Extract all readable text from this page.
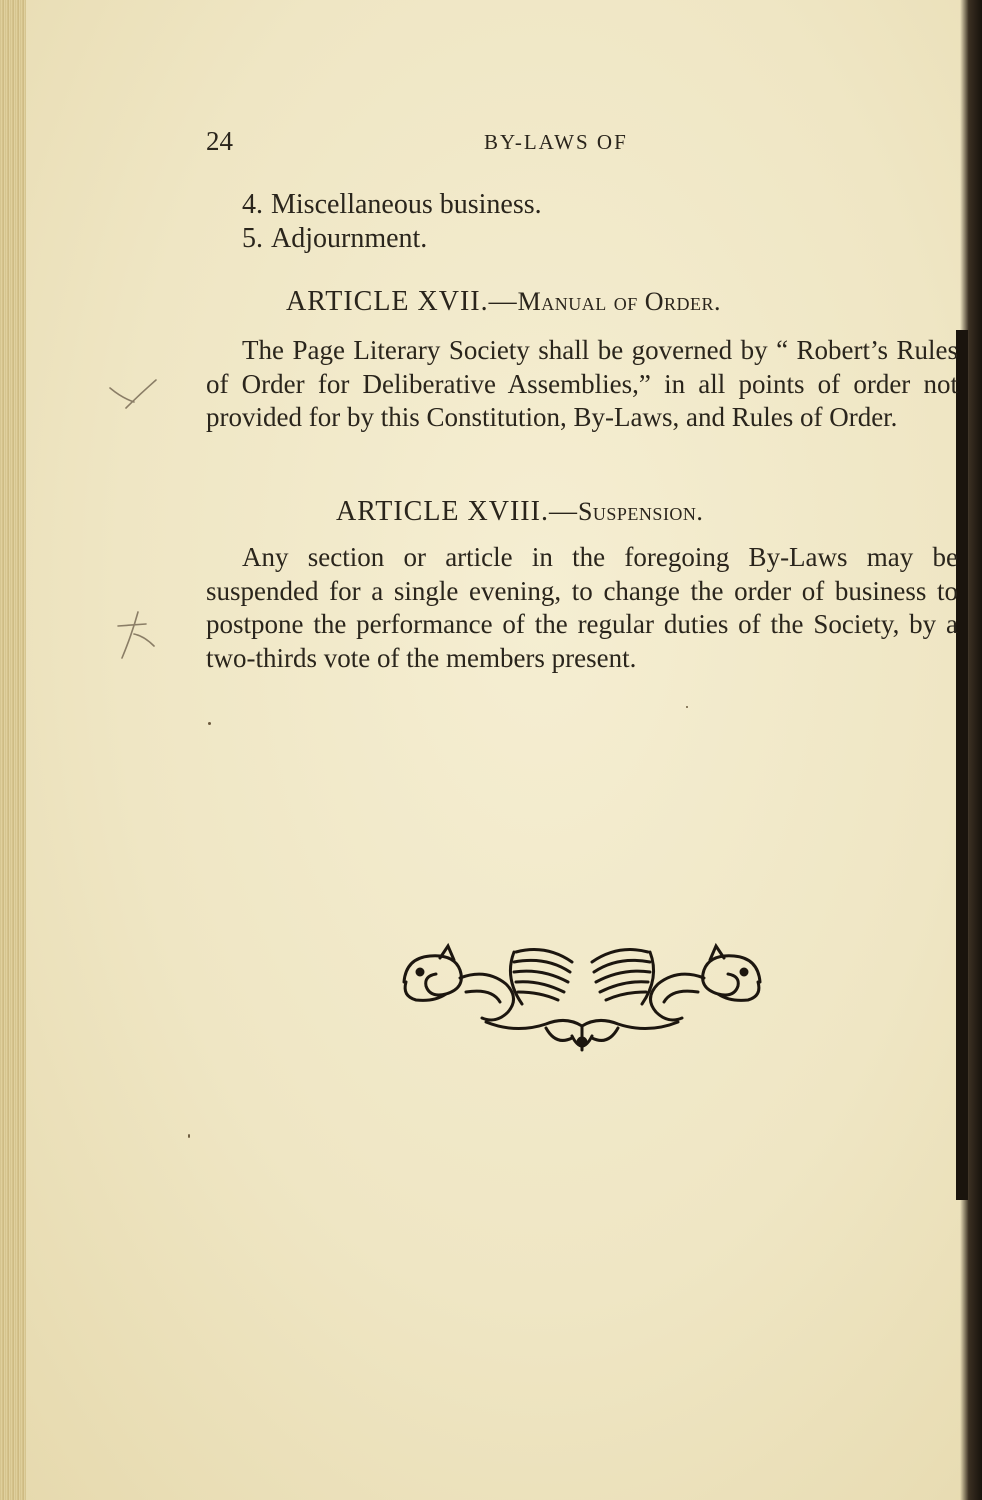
24	BY-LAWS OF
4. Miscellaneous business.
5. Adjournment.
ARTICLE XVII.—Manual of Order.
The Page Literary Society shall be governed by “ Robert’s Rules of Order for Deliberative Assemblies,” in all points of order not provided for by this Constitution, By-Laws, and Rules of Order.
ARTICLE XVIII.—Suspension.
Any section or article in the foregoing By-Laws may be suspended for a single evening, to change the order of business to postpone the performance of the regular duties of the Society, by a two-thirds vote of the members present.
